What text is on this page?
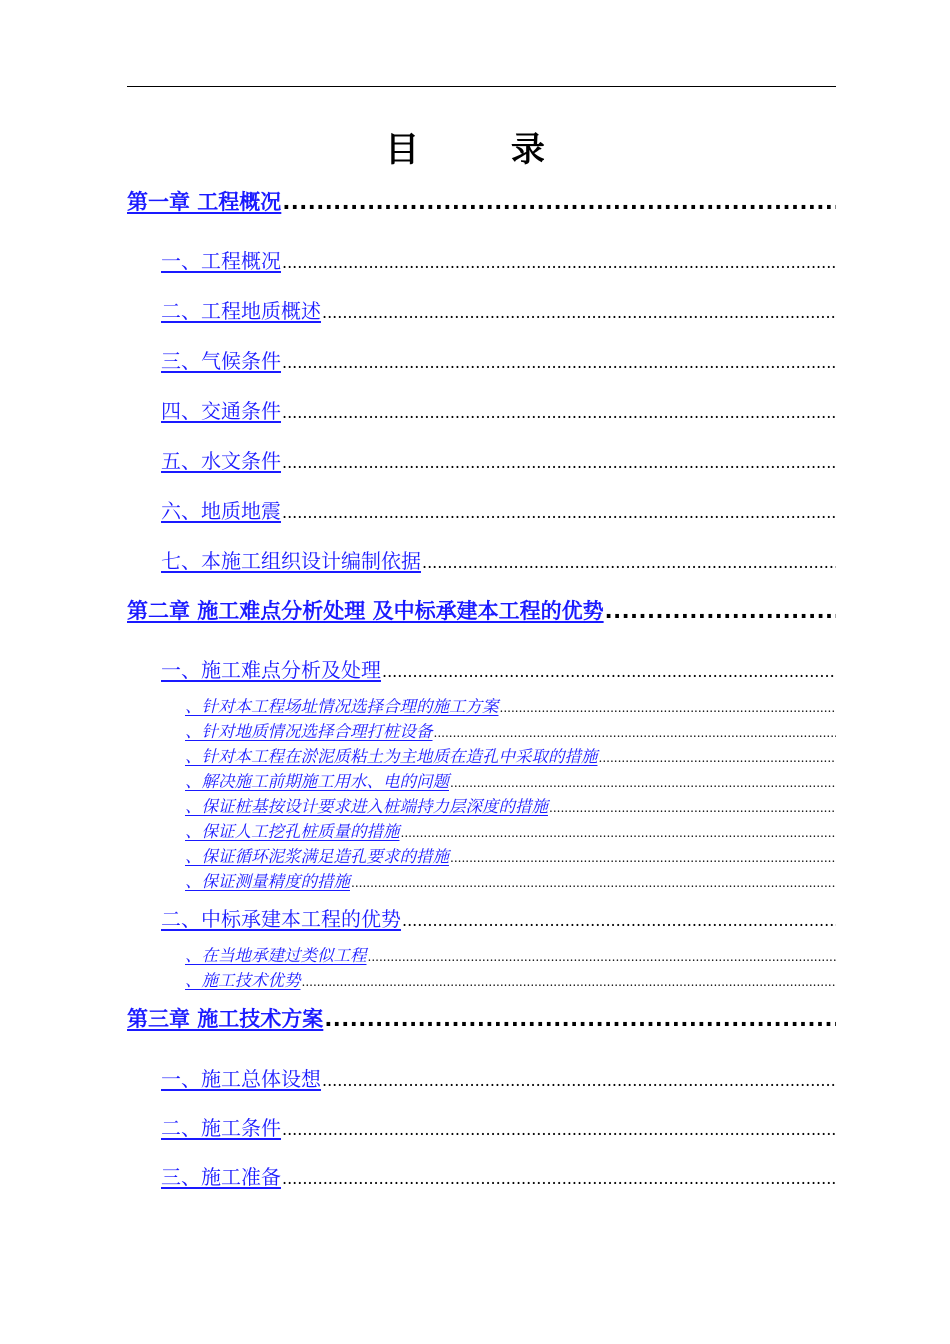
目 录
第一章 工程概况
.....
一、工程概况
.....
二、工程地质概述
.....
三、气候条件
.....
四、交通条件
.....
五、水文条件
.....
六、地质地震
.....
七、本施工组织设计编制依据
.....
第二章 施工难点分析处理 及中标承建本工程的优势
.....
一、施工难点分析及处理
.....
、针对本工程场址情况选择合理的施工方案
.....
、针对地质情况选择合理打桩设备
.....
、针对本工程在淤泥质粘土为主地质在造孔中采取的措施
.....
、解决施工前期施工用水、电的问题
.....
、保证桩基按设计要求进入桩端持力层深度的措施
.....
、保证人工挖孔桩质量的措施
.....
、保证循环泥浆满足造孔要求的措施
.....
、保证测量精度的措施
.....
二、中标承建本工程的优势
.....
、在当地承建过类似工程
.....
、施工技术优势
.....
第三章 施工技术方案
.....
一、施工总体设想
.....
二、施工条件
.....
三、施工准备
.....
